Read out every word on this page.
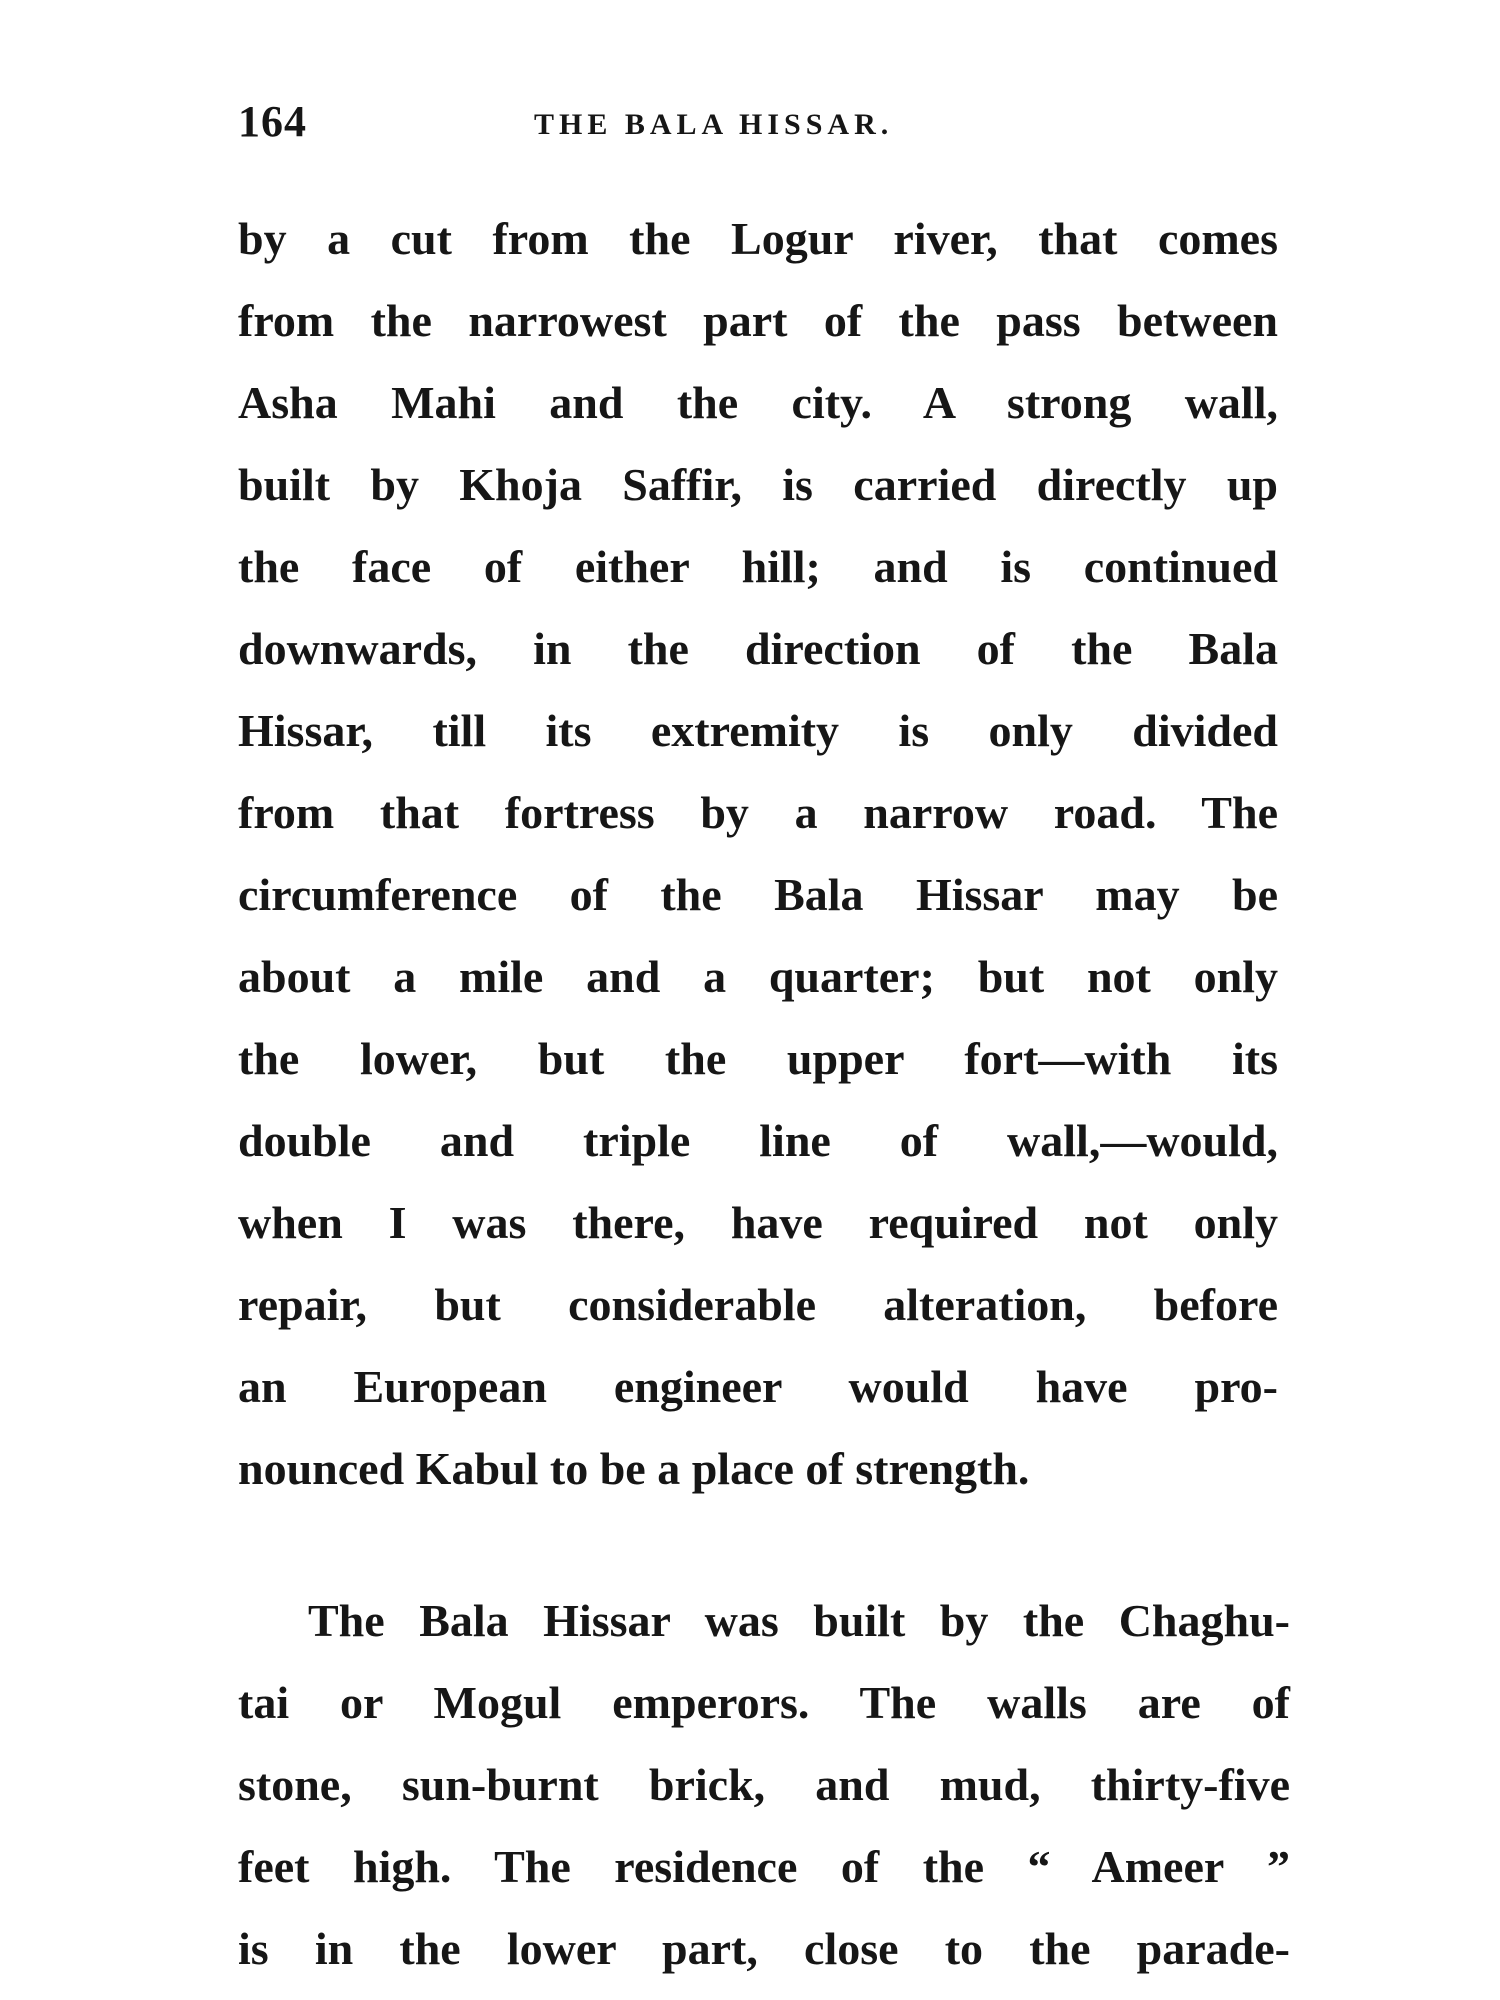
164	THE BALA HISSAR.

by a cut from the Logur river, that comes
from the narrowest part of the pass between
Asha Mahi and the city. A strong wall,
built by Khoja Saffir, is carried directly up
the face of either hill; and is continued
downwards, in the direction of the Bala
Hissar, till its extremity is only divided
from that fortress by a narrow road. The
circumference of the Bala Hissar may be
about a mile and a quarter; but not only
the lower, but the upper fort—with its
double and triple line of wall,—would,
when I was there, have required not only
repair, but considerable alteration, before
an European engineer would have pro-
nounced Kabul to be a place of strength.

The Bala Hissar was built by the Chaghu-
tai or Mogul emperors. The walls are of
stone, sun-burnt brick, and mud, thirty-five
feet high. The residence of the “ Ameer ”
is in the lower part, close to the parade-
